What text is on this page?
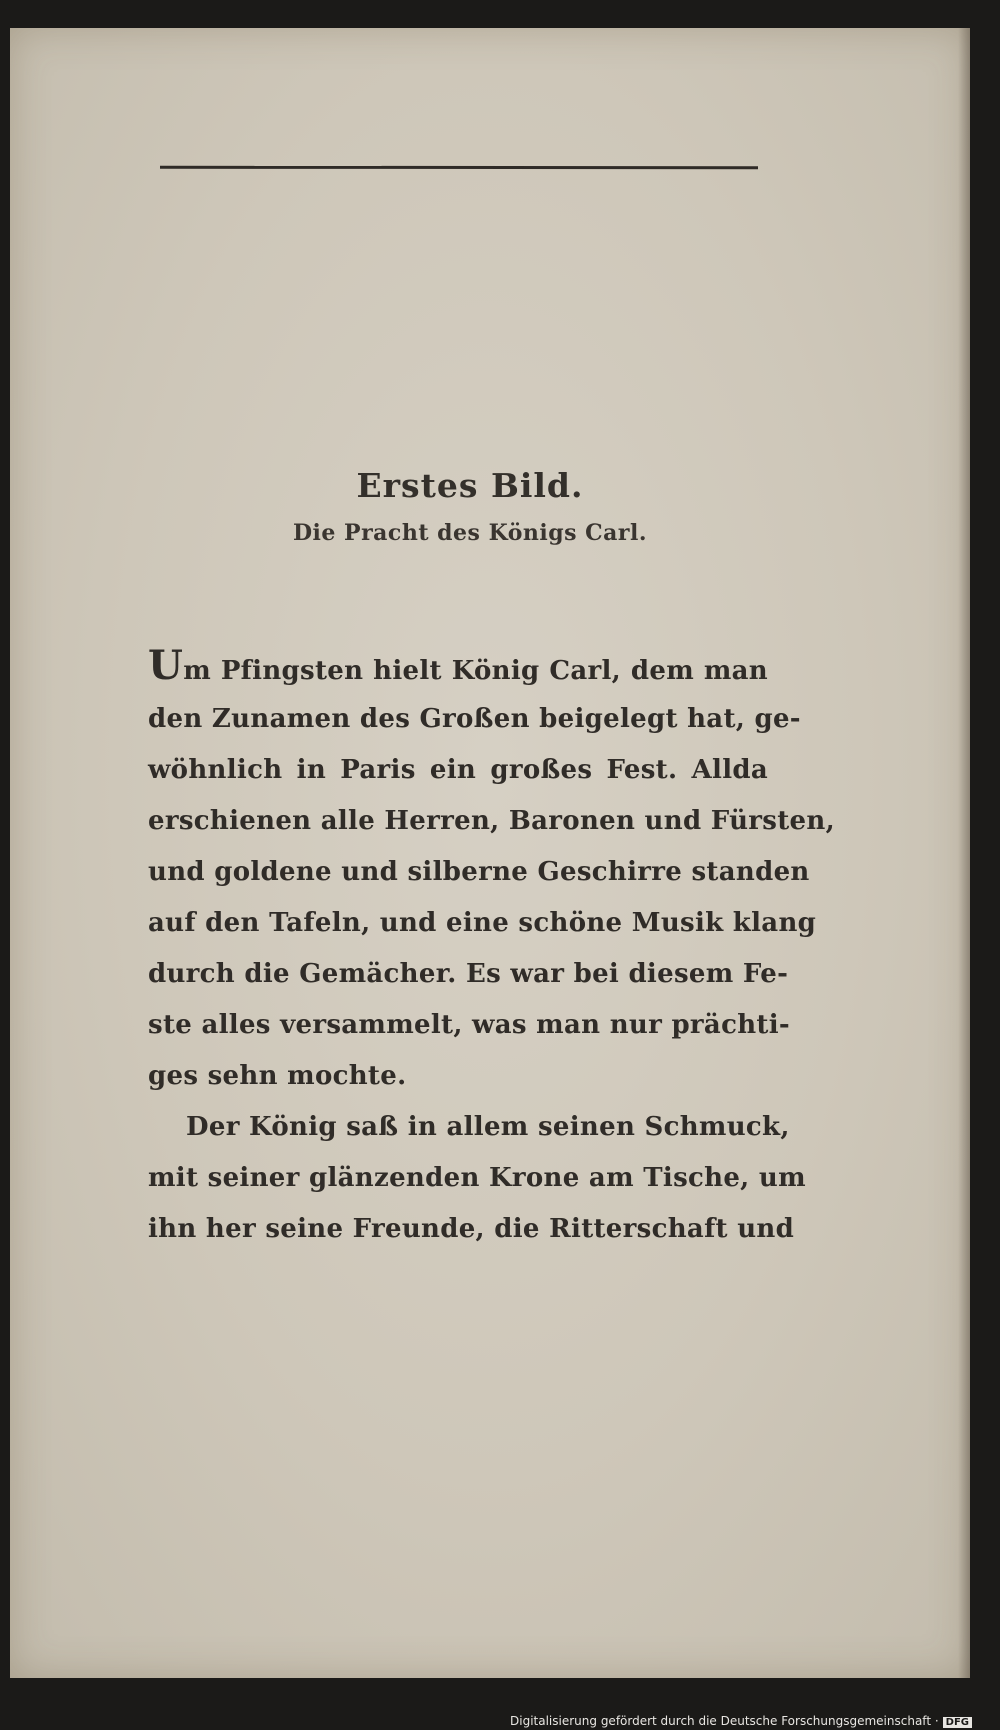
Erstes Bild.
Die Pracht des Königs Carl.
Um Pfingsten hielt König Carl, dem man
den Zunamen des Großen beigelegt hat, ge-
wöhnlich in Paris ein großes Fest. Allda
erschienen alle Herren, Baronen und Fürsten,
und goldene und silberne Geschirre standen
auf den Tafeln, und eine schöne Musik klang
durch die Gemächer. Es war bei diesem Fe-
ste alles versammelt, was man nur prächti-
ges sehn mochte.
Der König saß in allem seinen Schmuck,
mit seiner glänzenden Krone am Tische, um
ihn her seine Freunde, die Ritterschaft und
Digitalisierung gefördert durch die Deutsche Forschungsgemeinschaft · DFG
